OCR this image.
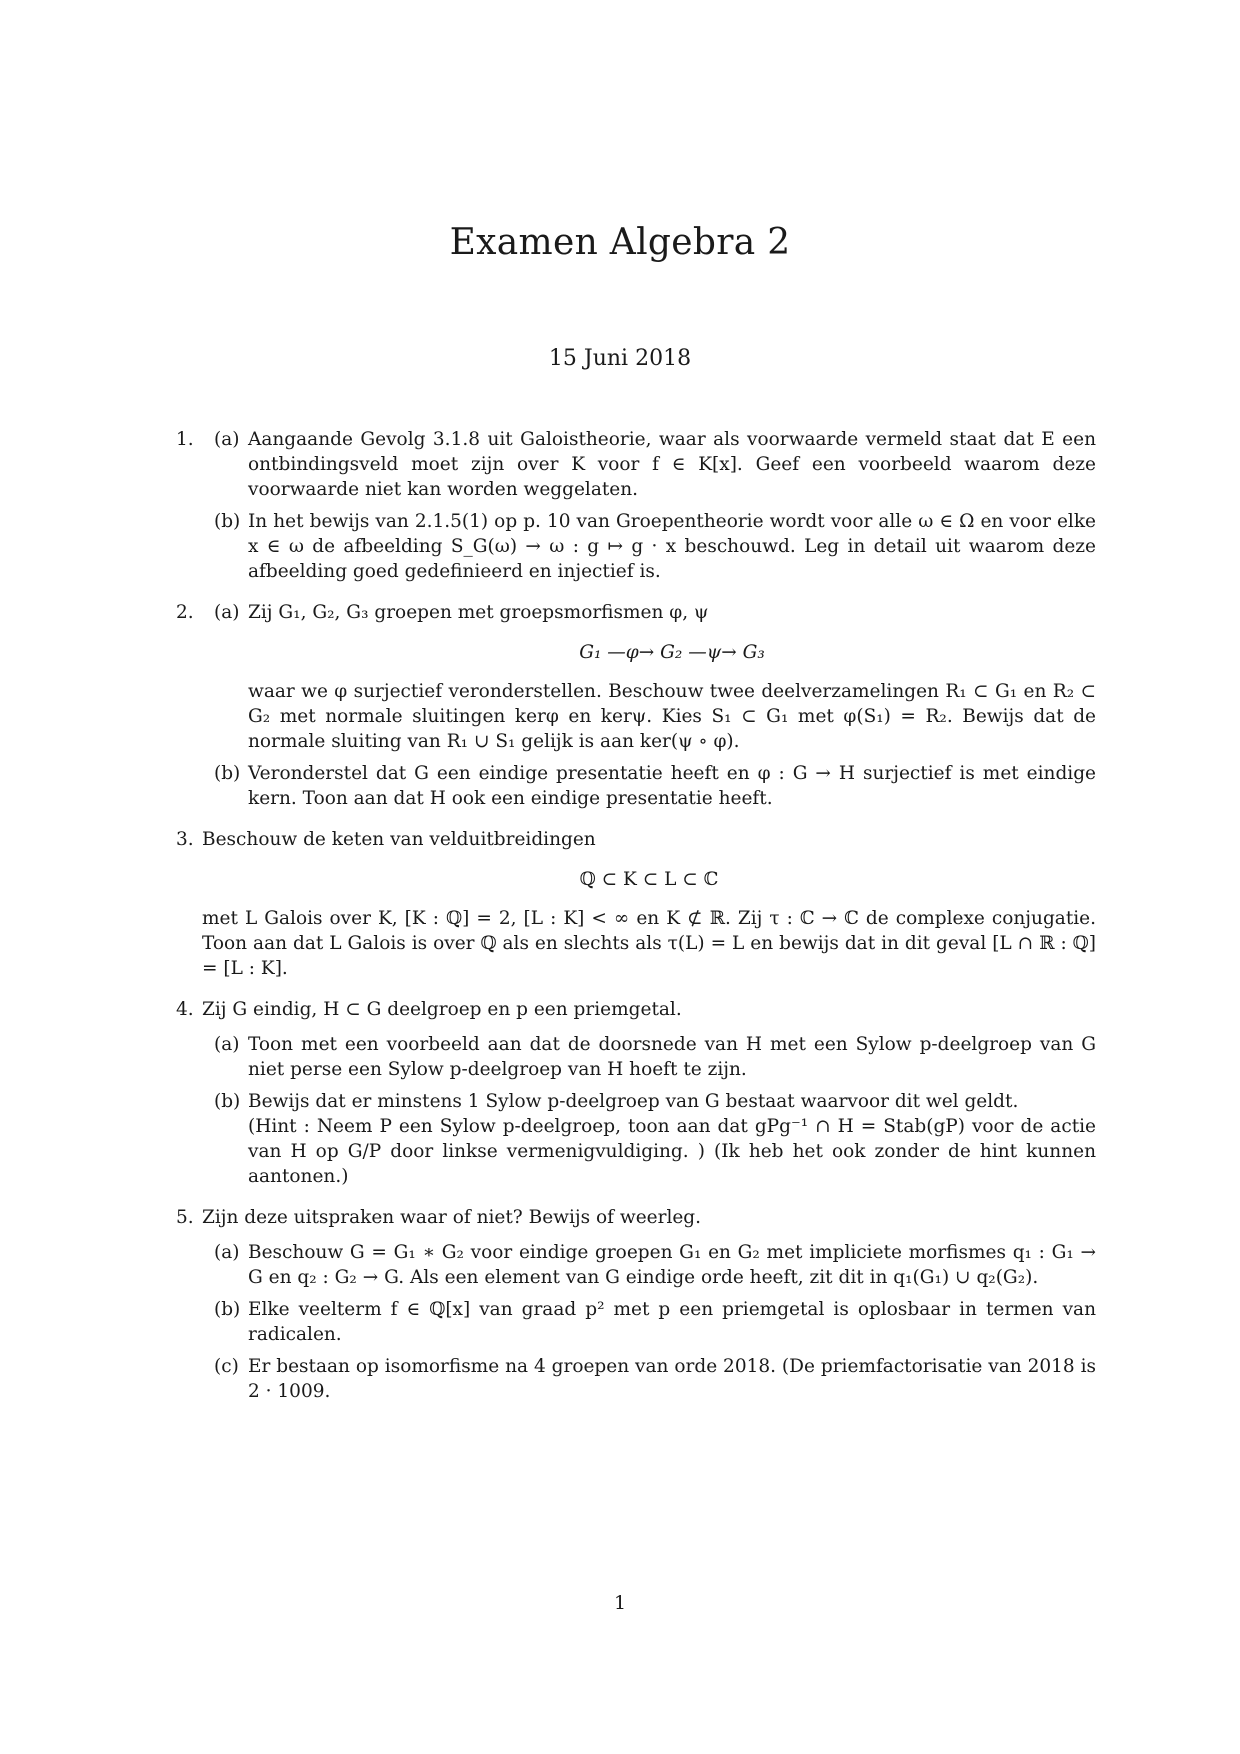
Examen Algebra 2
15 Juni 2018
1. (a) Aangaande Gevolg 3.1.8 uit Galoistheorie, waar als voorwaarde vermeld staat dat E een ontbindingsveld moet zijn over K voor f ∈ K[x]. Geef een voorbeeld waarom deze voorwaarde niet kan worden weggelaten.
(b) In het bewijs van 2.1.5(1) op p. 10 van Groepentheorie wordt voor alle ω ∈ Ω en voor elke x ∈ ω de afbeelding S_G(ω) → ω : g ↦ g · x beschouwd. Leg in detail uit waarom deze afbeelding goed gedefinieerd en injectief is.
2. (a) Zij G₁, G₂, G₃ groepen met groepsmorfismen φ, ψ
G₁ —φ→ G₂ —ψ→ G₃
waar we φ surjectief veronderstellen. Beschouw twee deelverzamelingen R₁ ⊂ G₁ en R₂ ⊂ G₂ met normale sluitingen kerφ en kerψ. Kies S₁ ⊂ G₁ met φ(S₁) = R₂. Bewijs dat de normale sluiting van R₁ ∪ S₁ gelijk is aan ker(ψ ∘ φ).
(b) Veronderstel dat G een eindige presentatie heeft en φ : G → H surjectief is met eindige kern. Toon aan dat H ook een eindige presentatie heeft.
3. Beschouw de keten van velduitbreidingen
ℚ ⊂ K ⊂ L ⊂ ℂ
met L Galois over K, [K : ℚ] = 2, [L : K] < ∞ en K ⊄ ℝ. Zij τ : ℂ → ℂ de complexe conjugatie. Toon aan dat L Galois is over ℚ als en slechts als τ(L) = L en bewijs dat in dit geval [L ∩ ℝ : ℚ] = [L : K].
4. Zij G eindig, H ⊂ G deelgroep en p een priemgetal.
(a) Toon met een voorbeeld aan dat de doorsnede van H met een Sylow p-deelgroep van G niet perse een Sylow p-deelgroep van H hoeft te zijn.
(b) Bewijs dat er minstens 1 Sylow p-deelgroep van G bestaat waarvoor dit wel geldt.
(Hint : Neem P een Sylow p-deelgroep, toon aan dat gPg⁻¹ ∩ H = Stab(gP) voor de actie van H op G/P door linkse vermenigvuldiging. ) (Ik heb het ook zonder de hint kunnen aantonen.)
5. Zijn deze uitspraken waar of niet? Bewijs of weerleg.
(a) Beschouw G = G₁ ∗ G₂ voor eindige groepen G₁ en G₂ met impliciete morfismes q₁ : G₁ → G en q₂ : G₂ → G. Als een element van G eindige orde heeft, zit dit in q₁(G₁) ∪ q₂(G₂).
(b) Elke veelterm f ∈ ℚ[x] van graad p² met p een priemgetal is oplosbaar in termen van radicalen.
(c) Er bestaan op isomorfisme na 4 groepen van orde 2018. (De priemfactorisatie van 2018 is 2 · 1009.
1
